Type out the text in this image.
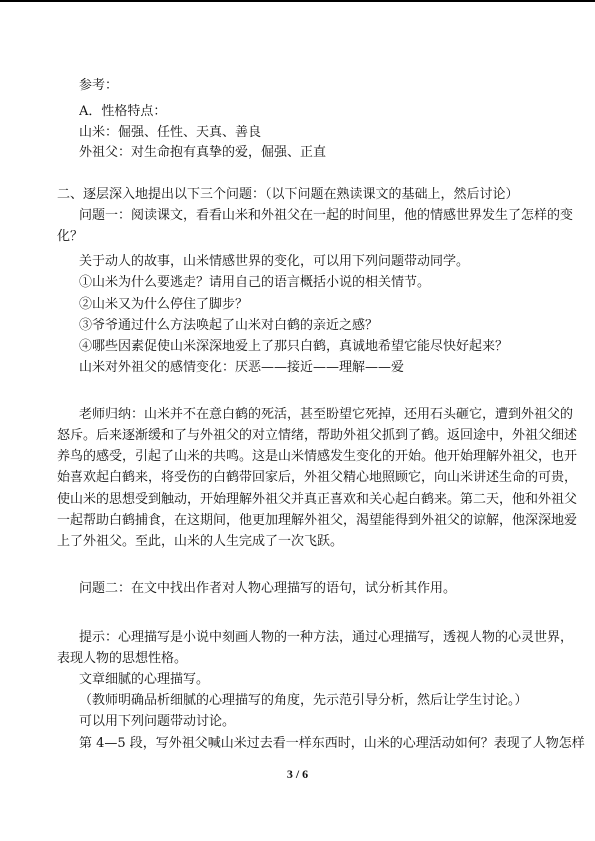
参考：
A．性格特点：
山米：倔强、任性、天真、善良
外祖父：对生命抱有真挚的爱，倔强、正直
二、逐层深入地提出以下三个问题：（以下问题在熟读课文的基础上，然后讨论）
问题一：阅读课文，看看山米和外祖父在一起的时间里，他的情感世界发生了怎样的变
化？
关于动人的故事，山米情感世界的变化，可以用下列问题带动同学。
①山米为什么要逃走？请用自己的语言概括小说的相关情节。
②山米又为什么停住了脚步？
③爷爷通过什么方法唤起了山米对白鹤的亲近之感？
④哪些因素促使山米深深地爱上了那只白鹤，真诚地希望它能尽快好起来？
山米对外祖父的感情变化：厌恶——接近——理解——爱
老师归纳：山米并不在意白鹤的死活，甚至盼望它死掉，还用石头砸它，遭到外祖父的
怒斥。后来逐渐缓和了与外祖父的对立情绪，帮助外祖父抓到了鹤。返回途中，外祖父细述
养鸟的感受，引起了山米的共鸣。这是山米情感发生变化的开始。他开始理解外祖父，也开
始喜欢起白鹤来，将受伤的白鹤带回家后，外祖父精心地照顾它，向山米讲述生命的可贵，
使山米的思想受到触动，开始理解外祖父并真正喜欢和关心起白鹤来。第二天，他和外祖父
一起帮助白鹤捕食，在这期间，他更加理解外祖父，渴望能得到外祖父的谅解，他深深地爱
上了外祖父。至此，山米的人生完成了一次飞跃。
问题二：在文中找出作者对人物心理描写的语句，试分析其作用。
提示：心理描写是小说中刻画人物的一种方法，通过心理描写，透视人物的心灵世界，
表现人物的思想性格。
文章细腻的心理描写。
（教师明确品析细腻的心理描写的角度，先示范引导分析，然后让学生讨论。）
可以用下列问题带动讨论。
第 4—5 段，写外祖父喊山米过去看一样东西时，山米的心理活动如何？表现了人物怎样
3 / 6
